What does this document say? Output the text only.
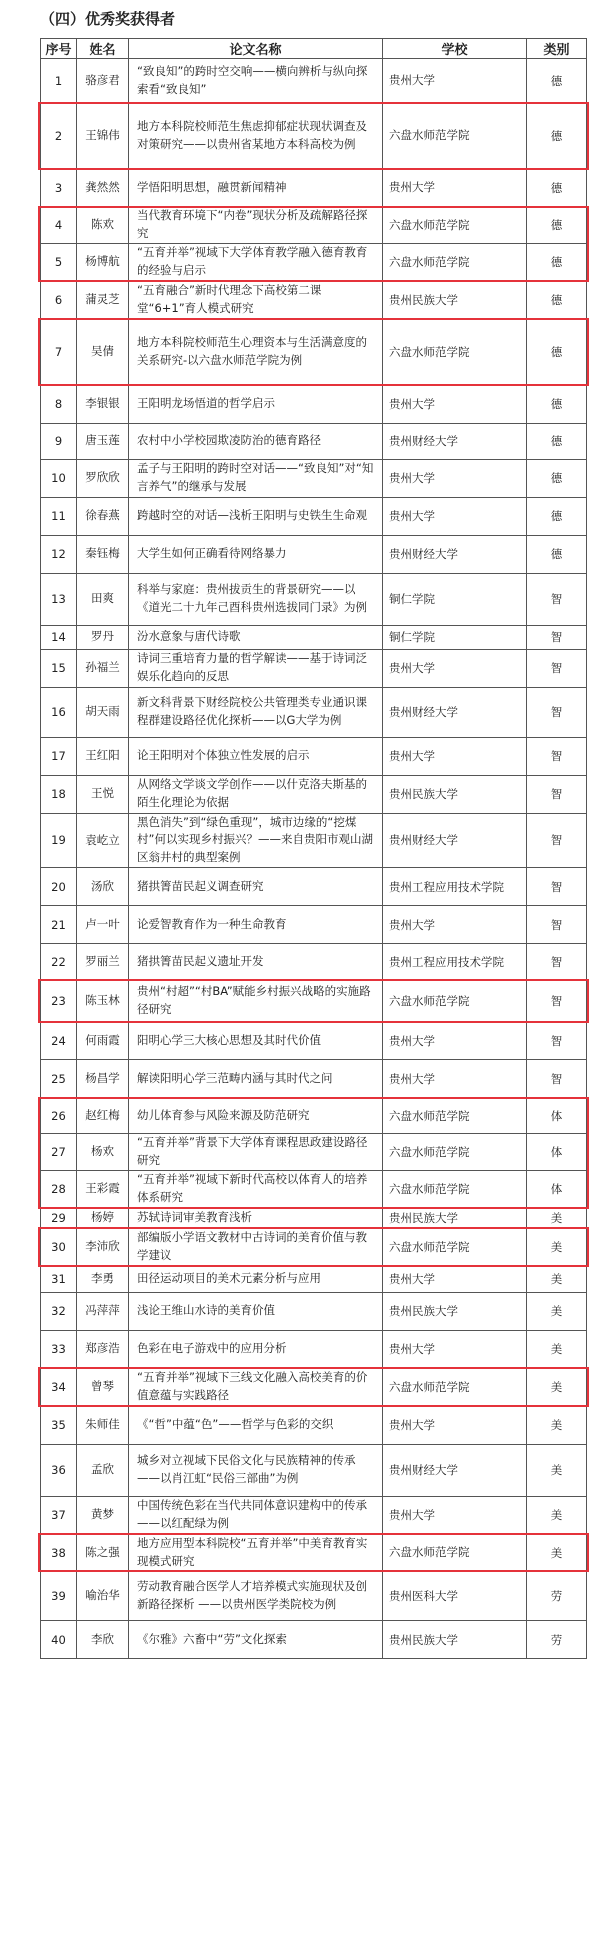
（四）优秀奖获得者
序号	姓名	论文名称	学校	类别
1	骆彦君	“致良知”的跨时空交响——横向辨析与纵向探索看“致良知”	贵州大学	德
2	王锦伟	地方本科院校师范生焦虑抑郁症状现状调查及对策研究——以贵州省某地方本科高校为例	六盘水师范学院	德
3	龚然然	学悟阳明思想，融贯新闻精神	贵州大学	德
4	陈欢	当代教育环境下“内卷”现状分析及疏解路径探究	六盘水师范学院	德
5	杨博航	“五育并举”视域下大学体育教学融入德育教育的经验与启示	六盘水师范学院	德
6	蒲灵芝	“五育融合”新时代理念下高校第二课堂“6+1”育人模式研究	贵州民族大学	德
7	吴倩	地方本科院校师范生心理资本与生活满意度的关系研究-以六盘水师范学院为例	六盘水师范学院	德
8	李银银	王阳明龙场悟道的哲学启示	贵州大学	德
9	唐玉莲	农村中小学校园欺凌防治的德育路径	贵州财经大学	德
10	罗欣欣	孟子与王阳明的跨时空对话——“致良知”对“知言养气”的继承与发展	贵州大学	德
11	徐春燕	跨越时空的对话—浅析王阳明与史铁生生命观	贵州大学	德
12	秦钰梅	大学生如何正确看待网络暴力	贵州财经大学	德
13	田爽	科举与家庭：贵州拔贡生的背景研究——以《道光二十九年己酉科贵州选拔同门录》为例	铜仁学院	智
14	罗丹	汾水意象与唐代诗歌	铜仁学院	智
15	孙福兰	诗词三重培育力量的哲学解读——基于诗词泛娱乐化趋向的反思	贵州大学	智
16	胡天雨	新文科背景下财经院校公共管理类专业通识课程群建设路径优化探析——以G大学为例	贵州财经大学	智
17	王红阳	论王阳明对个体独立性发展的启示	贵州大学	智
18	王悦	从网络文学谈文学创作——以什克洛夫斯基的陌生化理论为依据	贵州民族大学	智
19	袁屹立	黑色消失”到“绿色重现”，城市边缘的“挖煤村”何以实现乡村振兴？——来自贵阳市观山湖区翁井村的典型案例	贵州财经大学	智
20	汤欣	猪拱箐苗民起义调查研究	贵州工程应用技术学院	智
21	卢一叶	论爱智教育作为一种生命教育	贵州大学	智
22	罗丽兰	猪拱箐苗民起义遗址开发	贵州工程应用技术学院	智
23	陈玉林	贵州“村超”“村BA”赋能乡村振兴战略的实施路径研究	六盘水师范学院	智
24	何雨霞	阳明心学三大核心思想及其时代价值	贵州大学	智
25	杨昌学	解读阳明心学三范畴内涵与其时代之问	贵州大学	智
26	赵红梅	幼儿体育参与风险来源及防范研究	六盘水师范学院	体
27	杨欢	“五育并举”背景下大学体育课程思政建设路径研究	六盘水师范学院	体
28	王彩霞	“五育并举”视域下新时代高校以体育人的培养体系研究	六盘水师范学院	体
29	杨婷	苏轼诗词审美教育浅析	贵州民族大学	美
30	李沛欣	部编版小学语文教材中古诗词的美育价值与教学建议	六盘水师范学院	美
31	李勇	田径运动项目的美术元素分析与应用	贵州大学	美
32	冯萍萍	浅论王维山水诗的美育价值	贵州民族大学	美
33	郑彦浩	色彩在电子游戏中的应用分析	贵州大学	美
34	曾琴	“五育并举”视域下三线文化融入高校美育的价值意蕴与实践路径	六盘水师范学院	美
35	朱师佳	《“哲”中蕴“色”——哲学与色彩的交织	贵州大学	美
36	孟欣	城乡对立视域下民俗文化与民族精神的传承——以肖江虹“民俗三部曲”为例	贵州财经大学	美
37	黄梦	中国传统色彩在当代共同体意识建构中的传承——以红配绿为例	贵州大学	美
38	陈之强	地方应用型本科院校“五育并举”中美育教育实现模式研究	六盘水师范学院	美
39	喻治华	劳动教育融合医学人才培养模式实施现状及创新路径探析 ——以贵州医学类院校为例	贵州医科大学	劳
40	李欣	《尔雅》六畜中“劳”文化探索	贵州民族大学	劳
